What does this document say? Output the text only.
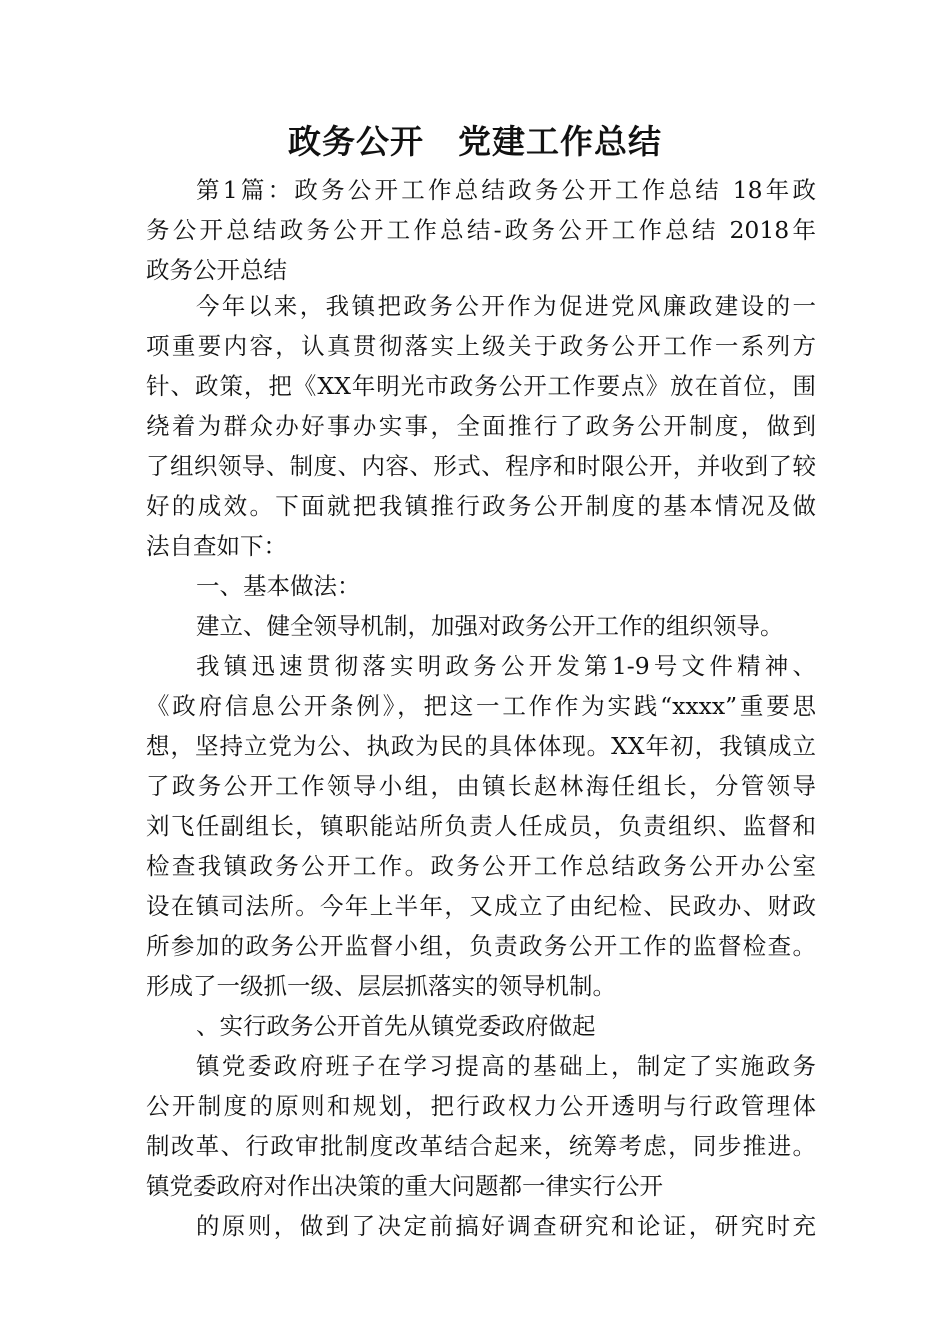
政务公开　党建工作总结
第1篇：政务公开工作总结政务公开工作总结 18年政
务公开总结政务公开工作总结-政务公开工作总结 2018年
政务公开总结
今年以来，我镇把政务公开作为促进党风廉政建设的一
项重要内容，认真贯彻落实上级关于政务公开工作一系列方
针、政策，把《XX年明光市政务公开工作要点》放在首位，围
绕着为群众办好事办实事，全面推行了政务公开制度，做到
了组织领导、制度、内容、形式、程序和时限公开，并收到了较
好的成效。下面就把我镇推行政务公开制度的基本情况及做
法自查如下：
一、基本做法：
建立、健全领导机制，加强对政务公开工作的组织领导。
我镇迅速贯彻落实明政务公开发第1-9号文件精神、
《政府信息公开条例》，把这一工作作为实践“xxxx”重要思
想，坚持立党为公、执政为民的具体体现。XX年初，我镇成立
了政务公开工作领导小组，由镇长赵林海任组长，分管领导
刘飞任副组长，镇职能站所负责人任成员，负责组织、监督和
检查我镇政务公开工作。政务公开工作总结政务公开办公室
设在镇司法所。今年上半年，又成立了由纪检、民政办、财政
所参加的政务公开监督小组，负责政务公开工作的监督检查。
形成了一级抓一级、层层抓落实的领导机制。
、实行政务公开首先从镇党委政府做起
镇党委政府班子在学习提高的基础上，制定了实施政务
公开制度的原则和规划，把行政权力公开透明与行政管理体
制改革、行政审批制度改革结合起来，统筹考虑，同步推进。
镇党委政府对作出决策的重大问题都一律实行公开
的原则，做到了决定前搞好调查研究和论证，研究时充
